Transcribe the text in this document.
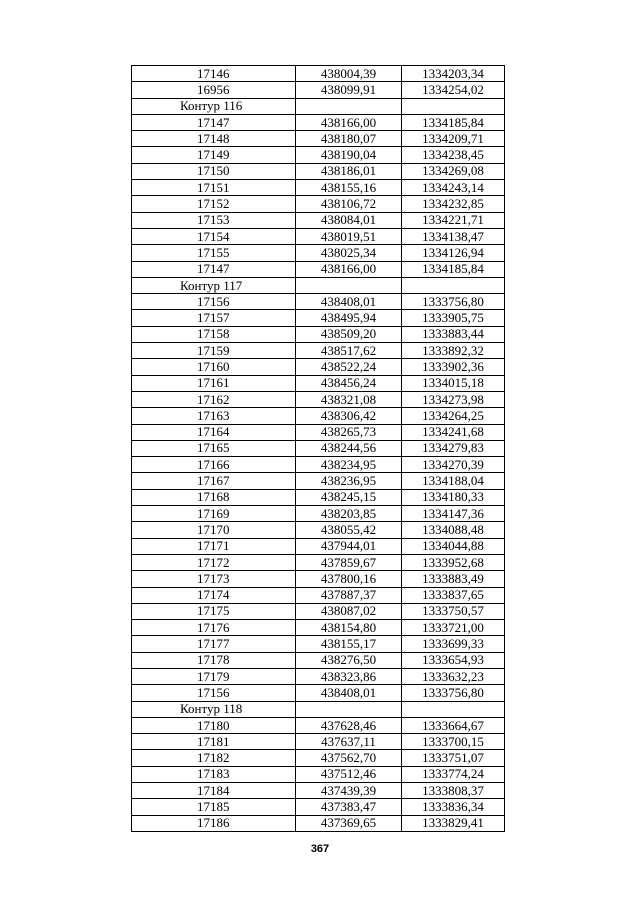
17146	438004,39	1334203,34
16956	438099,91	1334254,02
Контур 116		
17147	438166,00	1334185,84
17148	438180,07	1334209,71
17149	438190,04	1334238,45
17150	438186,01	1334269,08
17151	438155,16	1334243,14
17152	438106,72	1334232,85
17153	438084,01	1334221,71
17154	438019,51	1334138,47
17155	438025,34	1334126,94
17147	438166,00	1334185,84
Контур 117		
17156	438408,01	1333756,80
17157	438495,94	1333905,75
17158	438509,20	1333883,44
17159	438517,62	1333892,32
17160	438522,24	1333902,36
17161	438456,24	1334015,18
17162	438321,08	1334273,98
17163	438306,42	1334264,25
17164	438265,73	1334241,68
17165	438244,56	1334279,83
17166	438234,95	1334270,39
17167	438236,95	1334188,04
17168	438245,15	1334180,33
17169	438203,85	1334147,36
17170	438055,42	1334088,48
17171	437944,01	1334044,88
17172	437859,67	1333952,68
17173	437800,16	1333883,49
17174	437887,37	1333837,65
17175	438087,02	1333750,57
17176	438154,80	1333721,00
17177	438155,17	1333699,33
17178	438276,50	1333654,93
17179	438323,86	1333632,23
17156	438408,01	1333756,80
Контур 118		
17180	437628,46	1333664,67
17181	437637,11	1333700,15
17182	437562,70	1333751,07
17183	437512,46	1333774,24
17184	437439,39	1333808,37
17185	437383,47	1333836,34
17186	437369,65	1333829,41
367
